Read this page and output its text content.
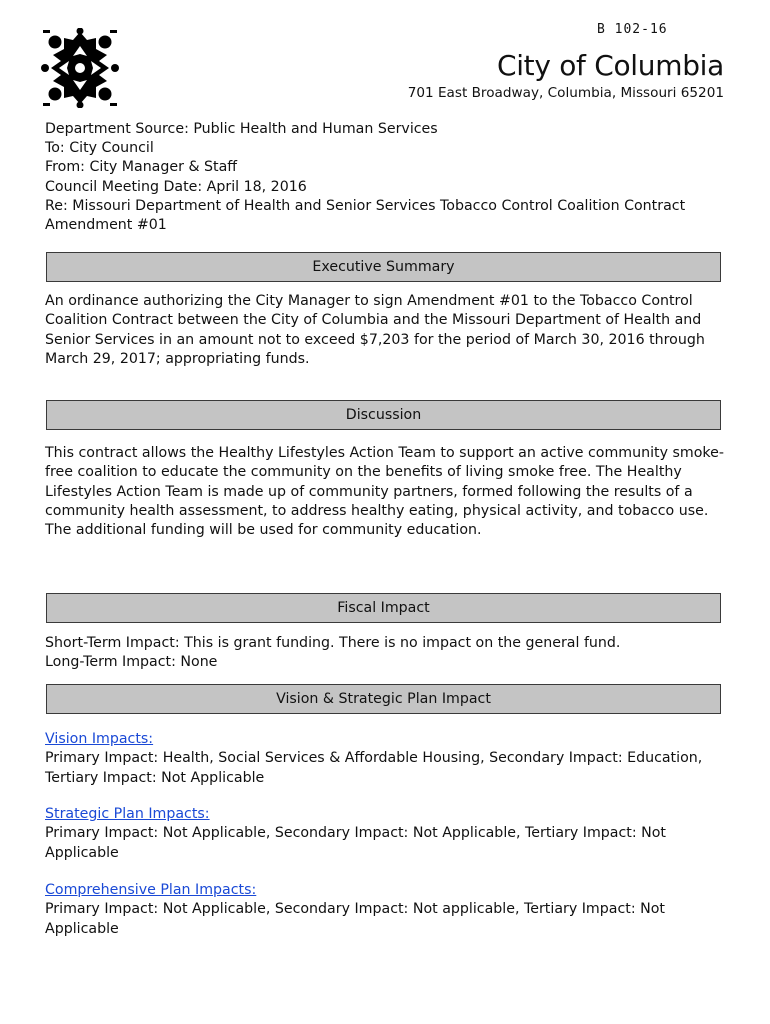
B 102-16
City of Columbia
701 East Broadway, Columbia, Missouri 65201
Department Source: Public Health and Human Services
To: City Council
From: City Manager & Staff
Council Meeting Date: April 18, 2016
Re: Missouri Department of Health and Senior Services Tobacco Control Coalition Contract
Amendment #01
Executive Summary
An ordinance authorizing the City Manager to sign Amendment #01 to the Tobacco Control Coalition Contract between the City of Columbia and the Missouri Department of Health and Senior Services in an amount not to exceed $7,203 for the period of March 30, 2016 through March 29, 2017; appropriating funds.
Discussion
This contract allows the Healthy Lifestyles Action Team to support an active community smoke-free coalition to educate the community on the benefits of living smoke free. The Healthy Lifestyles Action Team is made up of community partners, formed following the results of a community health assessment, to address healthy eating, physical activity, and tobacco use. The additional funding will be used for community education.
Fiscal Impact
Short-Term Impact: This is grant funding. There is no impact on the general fund.
Long-Term Impact: None
Vision & Strategic Plan Impact
Vision Impacts:
Primary Impact: Health, Social Services & Affordable Housing, Secondary Impact: Education, Tertiary Impact: Not Applicable
Strategic Plan Impacts:
Primary Impact: Not Applicable, Secondary Impact: Not Applicable, Tertiary Impact: Not Applicable
Comprehensive Plan Impacts:
Primary Impact: Not Applicable, Secondary Impact: Not applicable, Tertiary Impact: Not Applicable
